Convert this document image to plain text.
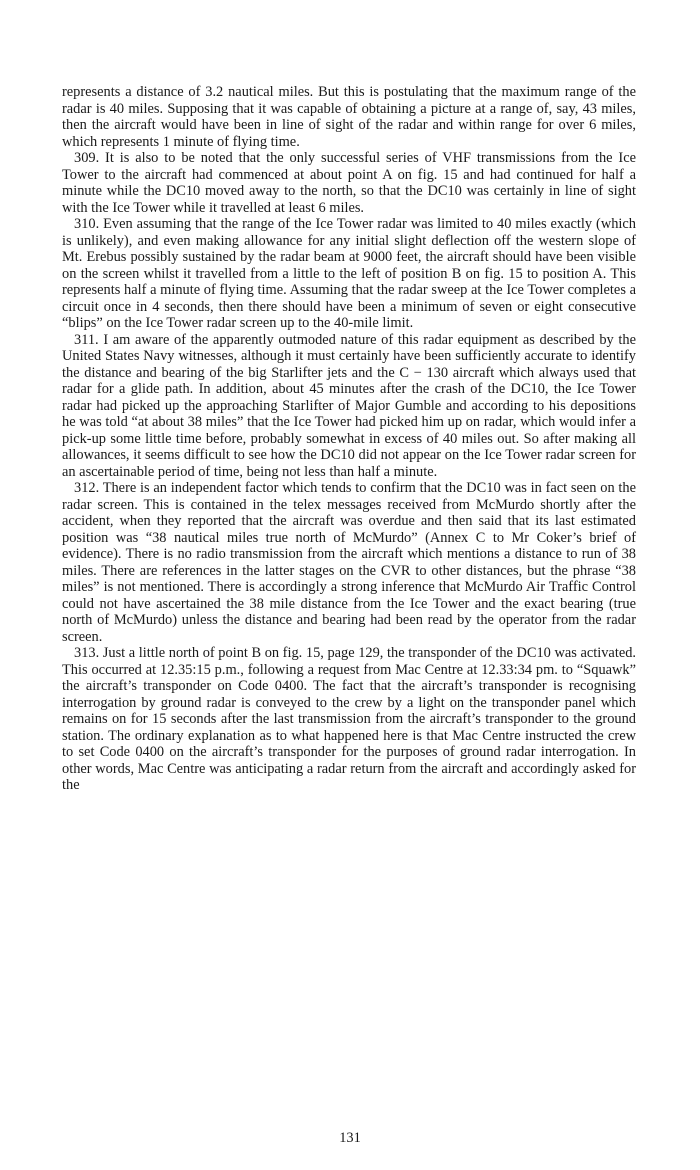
represents a distance of 3.2 nautical miles. But this is postulating that the maximum range of the radar is 40 miles. Supposing that it was capable of obtaining a picture at a range of, say, 43 miles, then the aircraft would have been in line of sight of the radar and within range for over 6 miles, which represents 1 minute of flying time.

309. It is also to be noted that the only successful series of VHF transmissions from the Ice Tower to the aircraft had commenced at about point A on fig. 15 and had continued for half a minute while the DC10 moved away to the north, so that the DC10 was certainly in line of sight with the Ice Tower while it travelled at least 6 miles.

310. Even assuming that the range of the Ice Tower radar was limited to 40 miles exactly (which is unlikely), and even making allowance for any initial slight deflection off the western slope of Mt. Erebus possibly sustained by the radar beam at 9000 feet, the aircraft should have been visible on the screen whilst it travelled from a little to the left of position B on fig. 15 to position A. This represents half a minute of flying time. Assuming that the radar sweep at the Ice Tower completes a circuit once in 4 seconds, then there should have been a minimum of seven or eight consecutive “blips” on the Ice Tower radar screen up to the 40-mile limit.

311. I am aware of the apparently outmoded nature of this radar equipment as described by the United States Navy witnesses, although it must certainly have been sufficiently accurate to identify the distance and bearing of the big Starlifter jets and the C − 130 aircraft which always used that radar for a glide path. In addition, about 45 minutes after the crash of the DC10, the Ice Tower radar had picked up the approaching Starlifter of Major Gumble and according to his depositions he was told “at about 38 miles” that the Ice Tower had picked him up on radar, which would infer a pick-up some little time before, probably somewhat in excess of 40 miles out. So after making all allowances, it seems difficult to see how the DC10 did not appear on the Ice Tower radar screen for an ascertainable period of time, being not less than half a minute.

312. There is an independent factor which tends to confirm that the DC10 was in fact seen on the radar screen. This is contained in the telex messages received from McMurdo shortly after the accident, when they reported that the aircraft was overdue and then said that its last estimated position was “38 nautical miles true north of McMurdo” (Annex C to Mr Coker’s brief of evidence). There is no radio transmission from the aircraft which mentions a distance to run of 38 miles. There are references in the latter stages on the CVR to other distances, but the phrase “38 miles” is not mentioned. There is accordingly a strong inference that McMurdo Air Traffic Control could not have ascertained the 38 mile distance from the Ice Tower and the exact bearing (true north of McMurdo) unless the distance and bearing had been read by the operator from the radar screen.

313. Just a little north of point B on fig. 15, page 129, the transponder of the DC10 was activated. This occurred at 12.35:15 p.m., following a request from Mac Centre at 12.33:34 pm. to “Squawk” the aircraft’s transponder on Code 0400. The fact that the aircraft’s transponder is recognising interrogation by ground radar is conveyed to the crew by a light on the transponder panel which remains on for 15 seconds after the last transmission from the aircraft’s transponder to the ground station. The ordinary explanation as to what happened here is that Mac Centre instructed the crew to set Code 0400 on the aircraft’s transponder for the purposes of ground radar interrogation. In other words, Mac Centre was anticipating a radar return from the aircraft and accordingly asked for the

131
